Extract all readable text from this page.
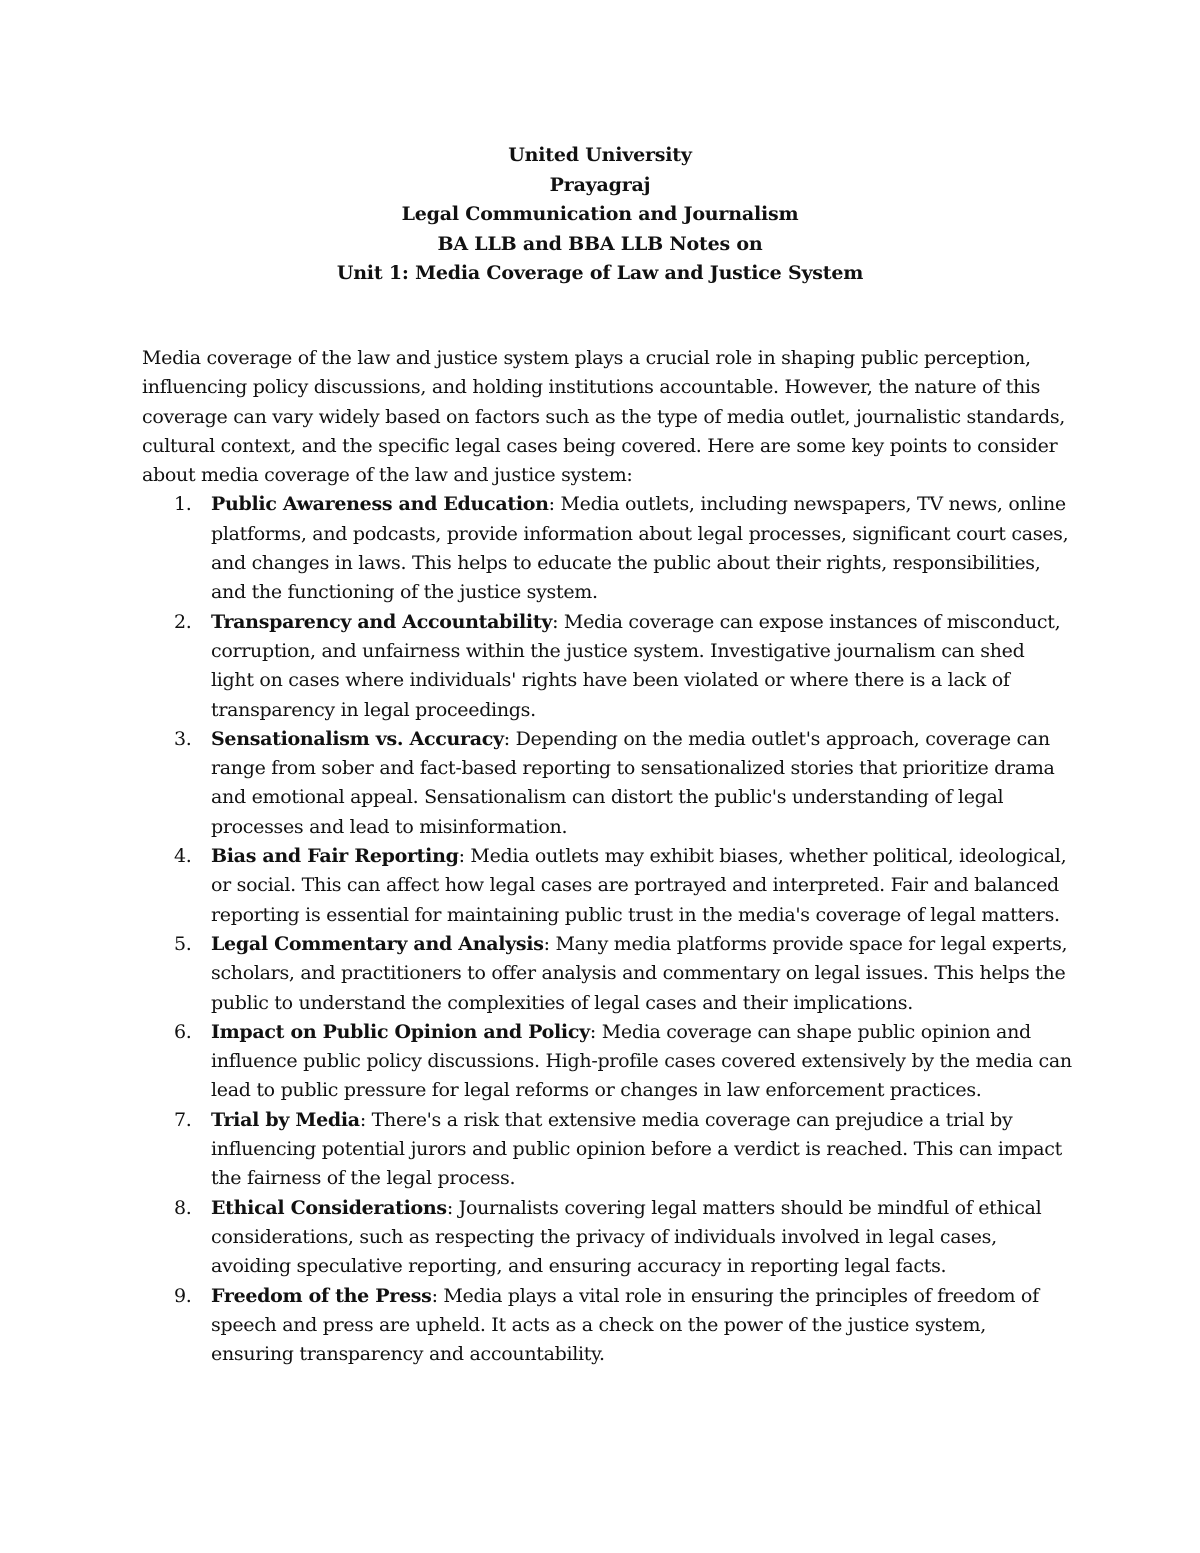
United University
Prayagraj
Legal Communication and Journalism
BA LLB and BBA LLB Notes on
Unit 1: Media Coverage of Law and Justice System

Media coverage of the law and justice system plays a crucial role in shaping public perception, influencing policy discussions, and holding institutions accountable. However, the nature of this coverage can vary widely based on factors such as the type of media outlet, journalistic standards, cultural context, and the specific legal cases being covered. Here are some key points to consider about media coverage of the law and justice system:

1. Public Awareness and Education: Media outlets, including newspapers, TV news, online platforms, and podcasts, provide information about legal processes, significant court cases, and changes in laws. This helps to educate the public about their rights, responsibilities, and the functioning of the justice system.
2. Transparency and Accountability: Media coverage can expose instances of misconduct, corruption, and unfairness within the justice system. Investigative journalism can shed light on cases where individuals' rights have been violated or where there is a lack of transparency in legal proceedings.
3. Sensationalism vs. Accuracy: Depending on the media outlet's approach, coverage can range from sober and fact-based reporting to sensationalized stories that prioritize drama and emotional appeal. Sensationalism can distort the public's understanding of legal processes and lead to misinformation.
4. Bias and Fair Reporting: Media outlets may exhibit biases, whether political, ideological, or social. This can affect how legal cases are portrayed and interpreted. Fair and balanced reporting is essential for maintaining public trust in the media's coverage of legal matters.
5. Legal Commentary and Analysis: Many media platforms provide space for legal experts, scholars, and practitioners to offer analysis and commentary on legal issues. This helps the public to understand the complexities of legal cases and their implications.
6. Impact on Public Opinion and Policy: Media coverage can shape public opinion and influence public policy discussions. High-profile cases covered extensively by the media can lead to public pressure for legal reforms or changes in law enforcement practices.
7. Trial by Media: There's a risk that extensive media coverage can prejudice a trial by influencing potential jurors and public opinion before a verdict is reached. This can impact the fairness of the legal process.
8. Ethical Considerations: Journalists covering legal matters should be mindful of ethical considerations, such as respecting the privacy of individuals involved in legal cases, avoiding speculative reporting, and ensuring accuracy in reporting legal facts.
9. Freedom of the Press: Media plays a vital role in ensuring the principles of freedom of speech and press are upheld. It acts as a check on the power of the justice system, ensuring transparency and accountability.
